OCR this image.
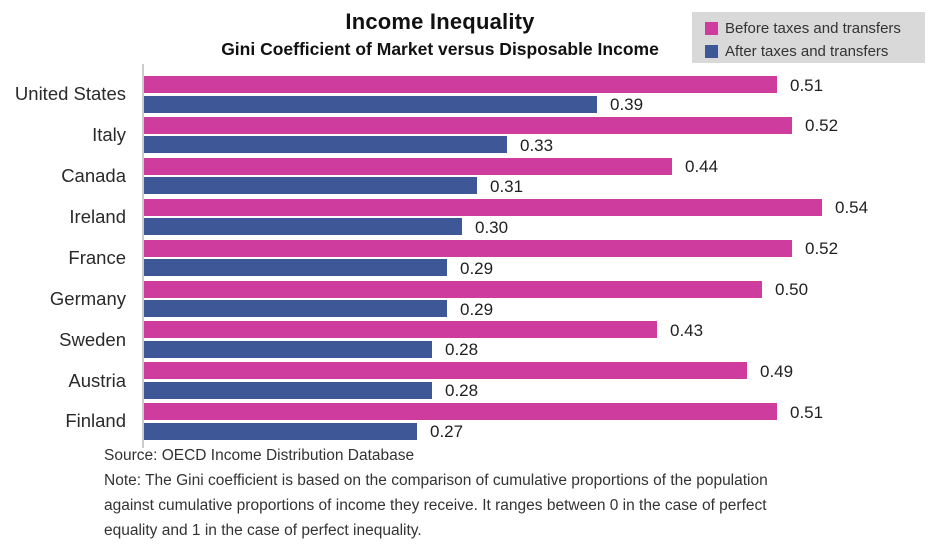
Income Inequality
Gini Coefficient of Market versus Disposable Income
Before taxes and transfers
After taxes and transfers
United States	0.51
0.39
Italy	0.52
0.33
Canada	0.44
0.31
Ireland	0.54
0.30
France	0.52
0.29
Germany	0.50
0.29
Sweden	0.43
0.28
Austria	0.49
0.28
Finland	0.51
0.27
Source: OECD Income Distribution Database
Note: The Gini coefficient is based on the comparison of cumulative proportions of the population
against cumulative proportions of income they receive. It ranges between 0 in the case of perfect
equality and 1 in the case of perfect inequality.
